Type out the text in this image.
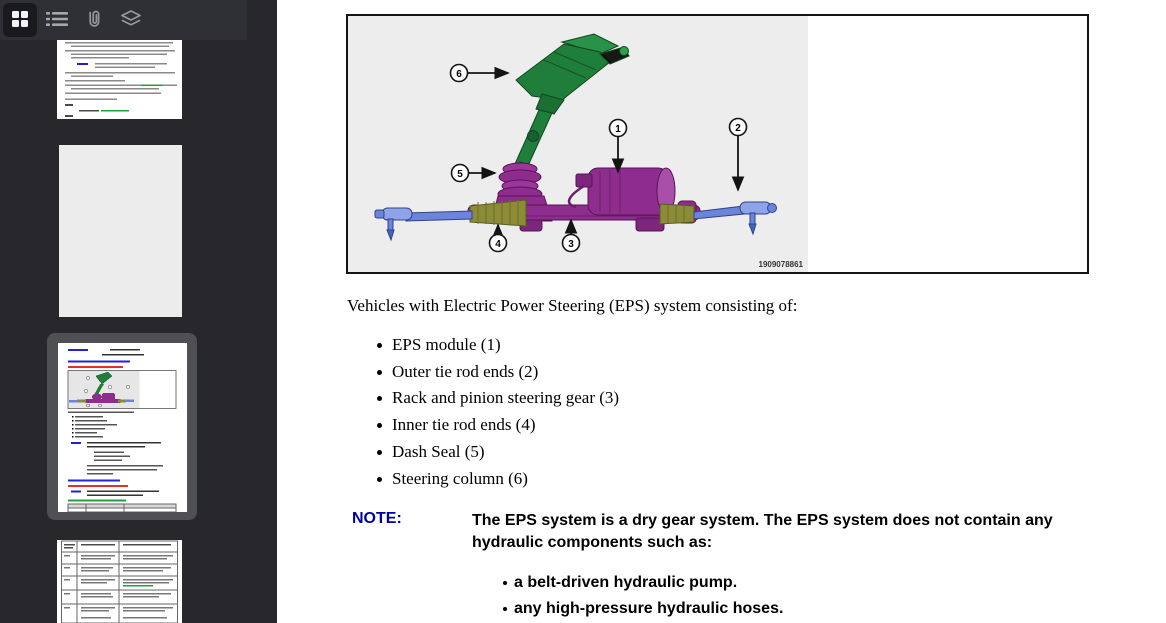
6
5
1	2
4	3
1909078861

Vehicles with Electric Power Steering (EPS) system consisting of:

EPS module (1)
Outer tie rod ends (2)
Rack and pinion steering gear (3)
Inner tie rod ends (4)
Dash Seal (5)
Steering column (6)
NOTE:	The EPS system is a dry gear system. The EPS system does not contain any hydraulic components such as:

a belt-driven hydraulic pump.
any high-pressure hydraulic hoses.
